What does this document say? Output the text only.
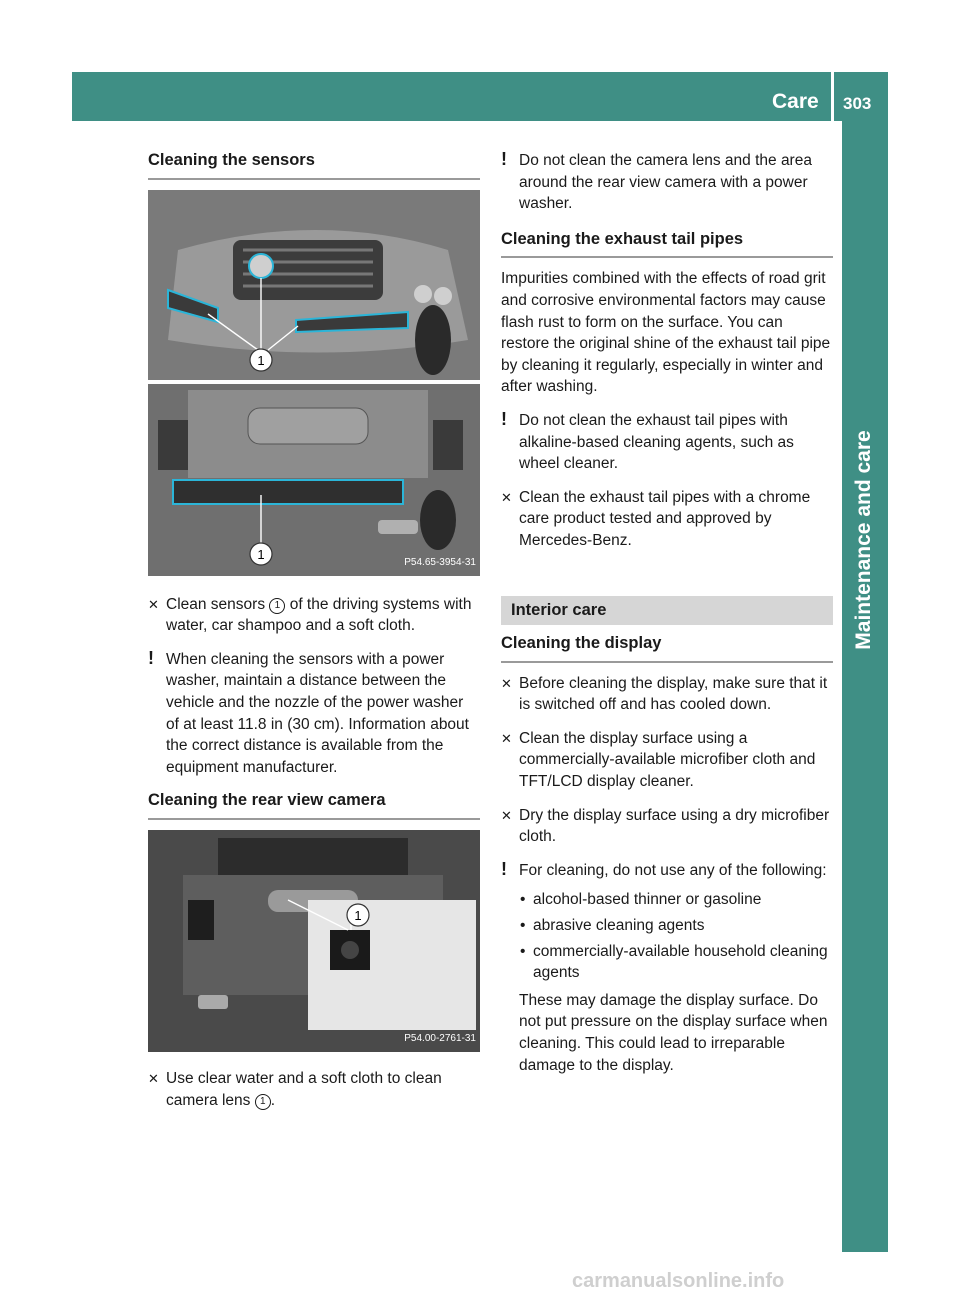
Care 303
Maintenance and care
Cleaning the sensors
1
1
P54.65-3954-31
✕ Clean sensors 1 of the driving systems with water, car shampoo and a soft cloth.
! When cleaning the sensors with a power washer, maintain a distance between the vehicle and the nozzle of the power washer of at least 11.8 in (30 cm). Information about the correct distance is available from the equipment manufacturer.
Cleaning the rear view camera
1
P54.00-2761-31
✕ Use clear water and a soft cloth to clean camera lens 1 .
! Do not clean the camera lens and the area around the rear view camera with a power washer.
Cleaning the exhaust tail pipes

Impurities combined with the effects of road grit and corrosive environmental factors may cause flash rust to form on the surface. You can restore the original shine of the exhaust tail pipe by cleaning it regularly, especially in winter and after washing.

! Do not clean the exhaust tail pipes with alkaline-based cleaning agents, such as wheel cleaner.
✕ Clean the exhaust tail pipes with a chrome care product tested and approved by Mercedes-Benz.
Interior care
Cleaning the display
✕ Before cleaning the display, make sure that it is switched off and has cooled down.
✕ Clean the display surface using a commercially-available microfiber cloth and TFT/LCD display cleaner.
✕ Dry the display surface using a dry microfiber cloth.
! For cleaning, do not use any of the following:
• alcohol-based thinner or gasoline
• abrasive cleaning agents
• commercially-available household cleaning agents
These may damage the display surface. Do not put pressure on the display surface when cleaning. This could lead to irreparable damage to the display.
carmanualsonline.info
